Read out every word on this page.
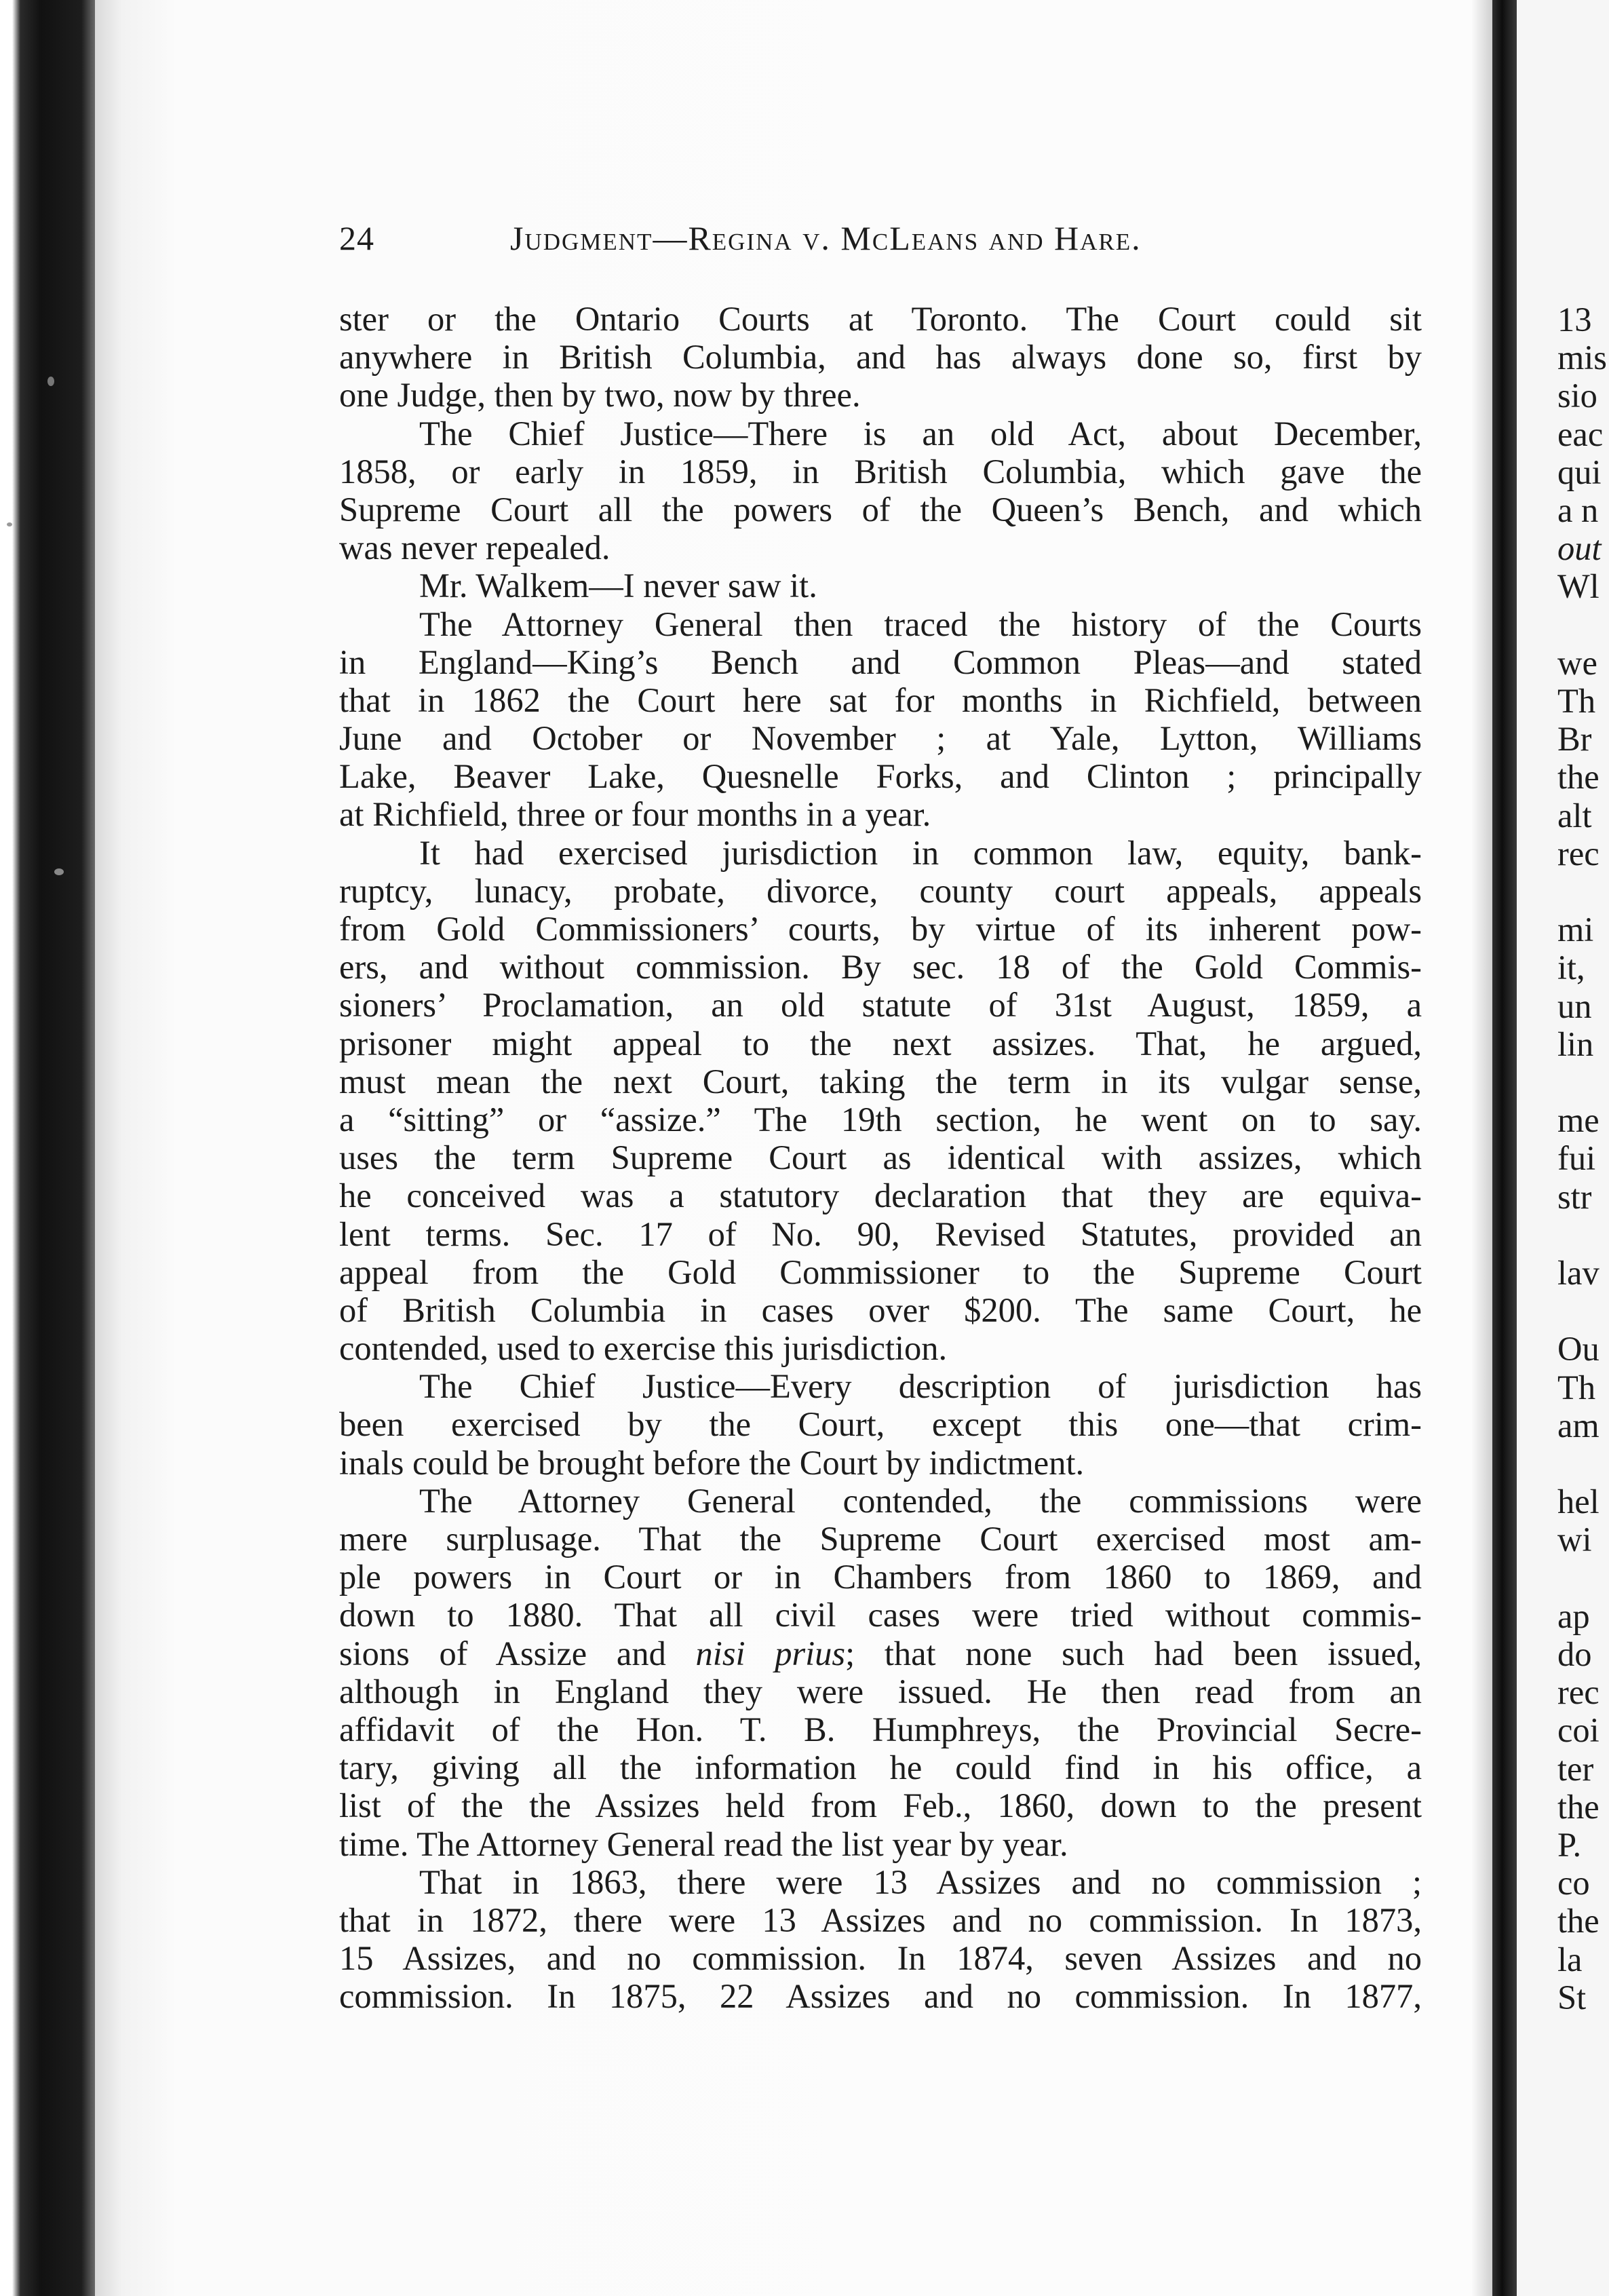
24	Judgment—Regina v. McLeans and Hare.
ster or the Ontario Courts at Toronto. The Court could sit
anywhere in British Columbia, and has always done so, first by
one Judge, then by two, now by three.
The Chief Justice—There is an old Act, about December,
1858, or early in 1859, in British Columbia, which gave the
Supreme Court all the powers of the Queen’s Bench, and which
was never repealed.
Mr. Walkem—I never saw it.
The Attorney General then traced the history of the Courts
in England—King’s Bench and Common Pleas—and stated
that in 1862 the Court here sat for months in Richfield, between
June and October or November ; at Yale, Lytton, Williams
Lake, Beaver Lake, Quesnelle Forks, and Clinton ; principally
at Richfield, three or four months in a year.
It had exercised jurisdiction in common law, equity, bank-
ruptcy, lunacy, probate, divorce, county court appeals, appeals
from Gold Commissioners’ courts, by virtue of its inherent pow-
ers, and without commission. By sec. 18 of the Gold Commis-
sioners’ Proclamation, an old statute of 31st August, 1859, a
prisoner might appeal to the next assizes. That, he argued,
must mean the next Court, taking the term in its vulgar sense,
a “sitting” or “assize.” The 19th section, he went on to say.
uses the term Supreme Court as identical with assizes, which
he conceived was a statutory declaration that they are equiva-
lent terms. Sec. 17 of No. 90, Revised Statutes, provided an
appeal from the Gold Commissioner to the Supreme Court
of British Columbia in cases over $200. The same Court, he
contended, used to exercise this jurisdiction.
The Chief Justice—Every description of jurisdiction has
been exercised by the Court, except this one—that crim-
inals could be brought before the Court by indictment.
The Attorney General contended, the commissions were
mere surplusage. That the Supreme Court exercised most am-
ple powers in Court or in Chambers from 1860 to 1869, and
down to 1880. That all civil cases were tried without commis-
sions of Assize and nisi prius; that none such had been issued,
although in England they were issued. He then read from an
affidavit of the Hon. T. B. Humphreys, the Provincial Secre-
tary, giving all the information he could find in his office, a
list of the the Assizes held from Feb., 1860, down to the present
time. The Attorney General read the list year by year.
That in 1863, there were 13 Assizes and no commission ;
that in 1872, there were 13 Assizes and no commission. In 1873,
15 Assizes, and no commission. In 1874, seven Assizes and no
commission. In 1875, 22 Assizes and no commission. In 1877,
13
mis
sio
eac
qui
a n
out
Wl
we
Th
Br
the
alt
rec
mi
it,
un
lin
me
fui
str
lav
Ou
Th
am
hel
wi
ap
do
rec
coi
ter
the
P.
co
the
la
St
